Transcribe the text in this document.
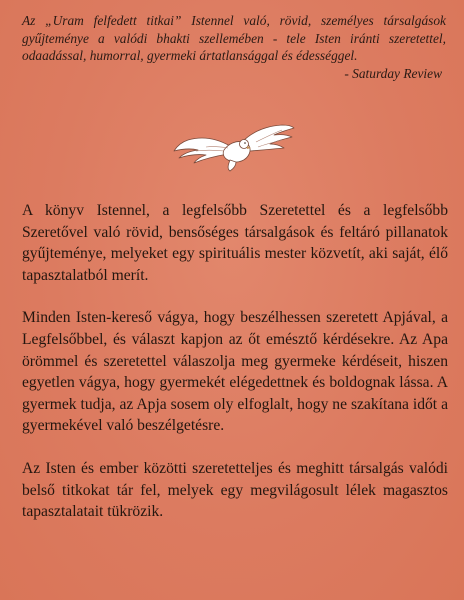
Az „Uram felfedett titkai” Istennel való, rövid, személyes társalgások gyűjteménye a valódi bhakti szellemében - tele Isten iránti szeretettel, odaadással, humorral, gyermeki ártatlansággal és édességgel.
- Saturday Review

A könyv Istennel, a legfelsőbb Szeretettel és a legfelsőbb Szeretővel való rövid, bensőséges társalgások és feltáró pillanatok gyűjteménye, melyeket egy spirituális mester közvetít, aki saját, élő tapasztalatból merít.

Minden Isten-kereső vágya, hogy beszélhessen szeretett Apjával, a Legfelsőbbel, és választ kapjon az őt emésztő kérdésekre. Az Apa örömmel és szeretettel válaszolja meg gyermeke kérdéseit, hiszen egyetlen vágya, hogy gyermekét elégedettnek és boldognak lássa. A gyermek tudja, az Apja sosem oly elfoglalt, hogy ne szakítana időt a gyermekével való beszélgetésre.

Az Isten és ember közötti szeretetteljes és meghitt társalgás valódi belső titkokat tár fel, melyek egy megvilágosult lélek magasztos tapasztalatait tükrözik.
